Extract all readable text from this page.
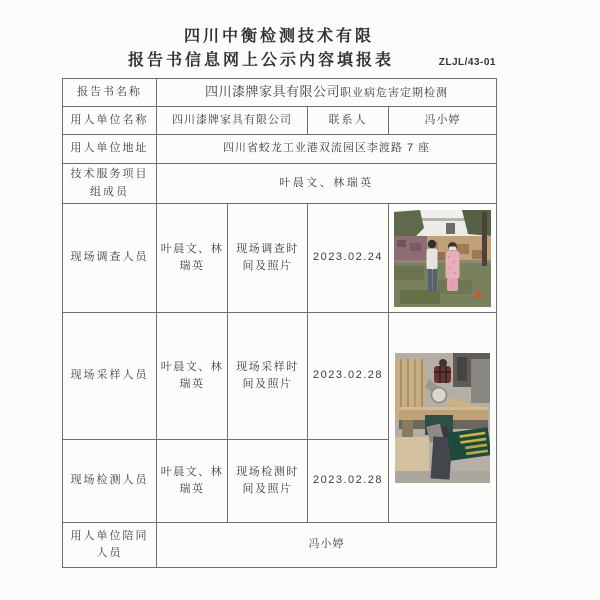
四川中衡检测技术有限
报告书信息网上公示内容填报表	ZLJL/43-01
报告书名称	四川漆牌家具有限公司职业病危害定期检测			
用人单位名称	四川漆牌家具有限公司		联系人	冯小婷
用人单位地址	四川省蛟龙工业港双流园区李渡路 7 座			
技术服务项目组成员	叶晨文、林瑞英			
现场调查人员	叶晨文、林瑞英	现场调查时间及照片	2023.02.24	

现场采样人员	叶晨文、林瑞英	现场采样时间及照片	2023.02.28	

现场检测人员	叶晨文、林瑞英	现场检测时间及照片	2023.02.28	
用人单位陪同人员	冯小婷			
